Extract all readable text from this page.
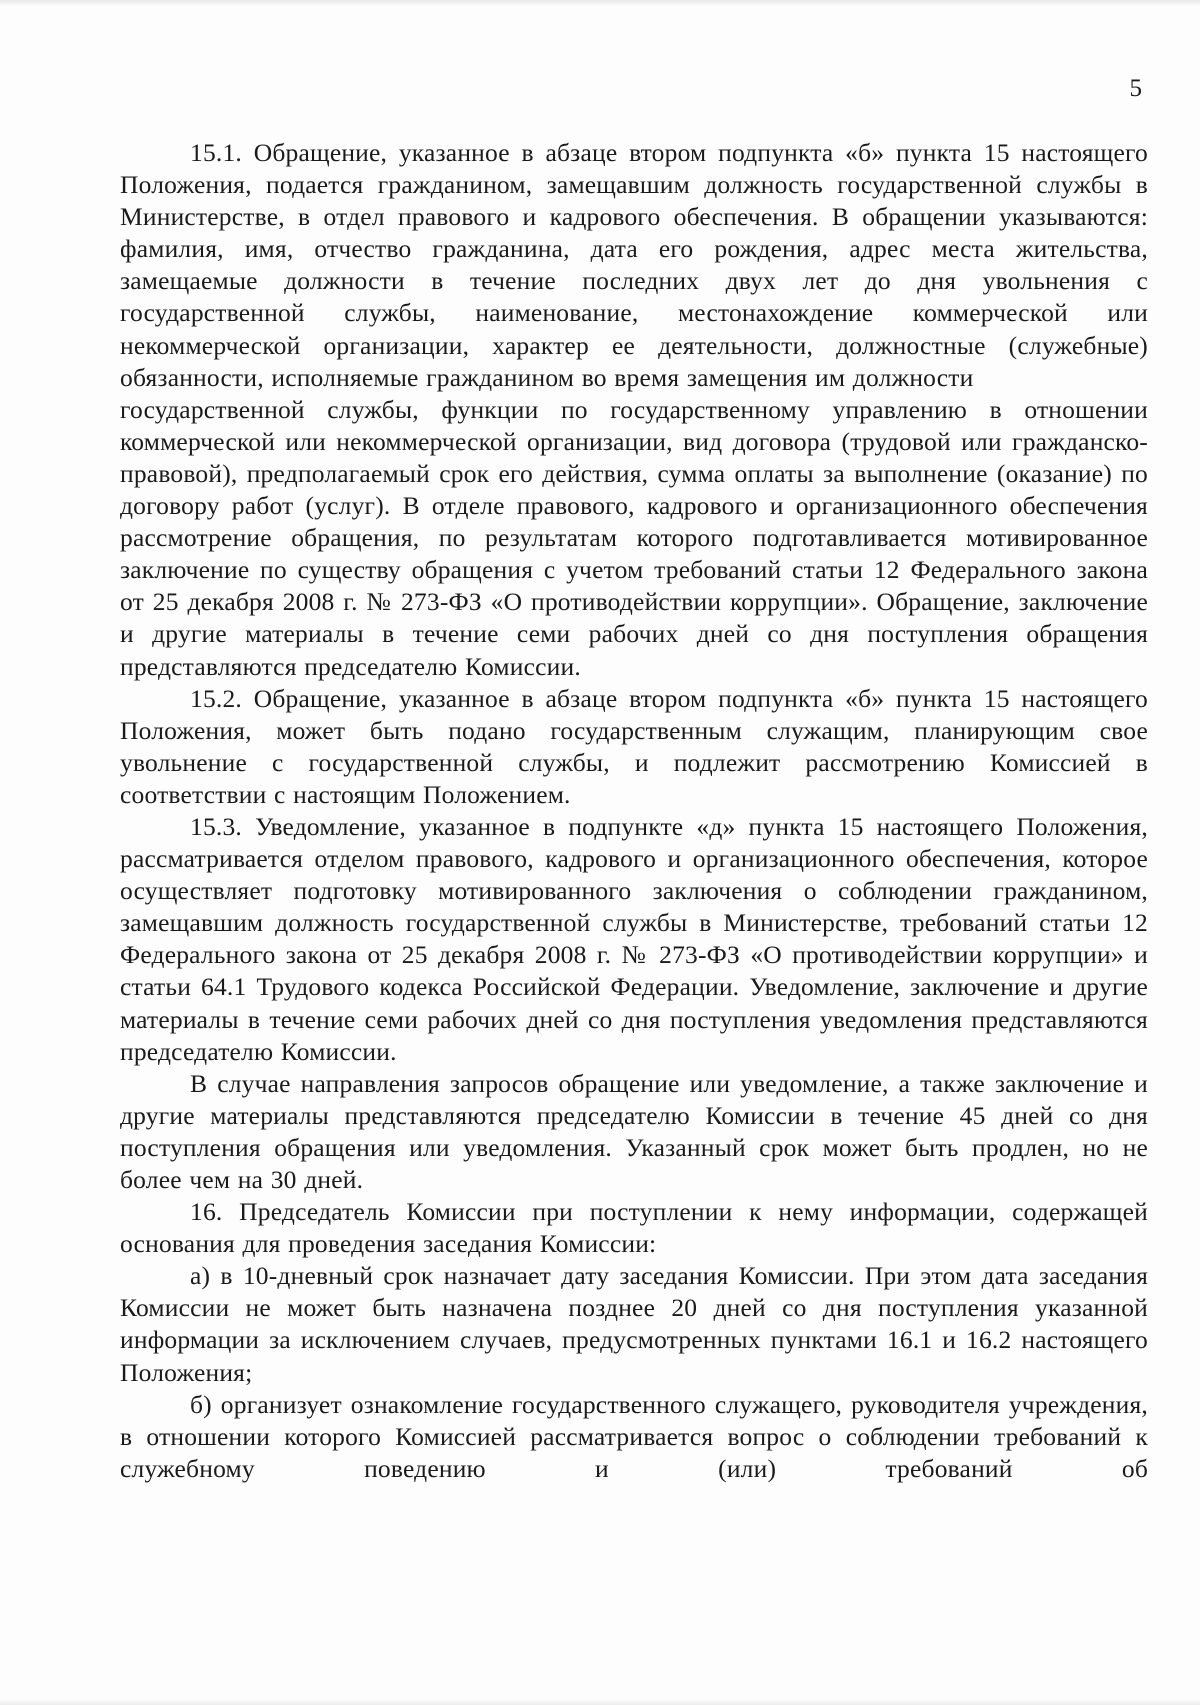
5

15.1. Обращение, указанное в абзаце втором подпункта «б» пункта 15 настоящего Положения, подается гражданином, замещавшим должность государственной службы в Министерстве, в отдел правового и кадрового обеспечения. В обращении указываются: фамилия, имя, отчество гражданина, дата его рождения, адрес места жительства, замещаемые должности в течение последних двух лет до дня увольнения с государственной службы, наименование, местонахождение коммерческой или некоммерческой организации, характер ее деятельности, должностные (служебные) обязанности, исполняемые гражданином во время замещения им должности

государственной службы, функции по государственному управлению в отношении коммерческой или некоммерческой организации, вид договора (трудовой или гражданско-правовой), предполагаемый срок его действия, сумма оплаты за выполнение (оказание) по договору работ (услуг). В отделе правового, кадрового и организационного обеспечения рассмотрение обращения, по результатам которого подготавливается мотивированное заключение по существу обращения с учетом требований статьи 12 Федерального закона от 25 декабря 2008 г. № 273-ФЗ «О противодействии коррупции». Обращение, заключение и другие материалы в течение семи рабочих дней со дня поступления обращения представляются председателю Комиссии.

15.2. Обращение, указанное в абзаце втором подпункта «б» пункта 15 настоящего Положения, может быть подано государственным служащим, планирующим свое увольнение с государственной службы, и подлежит рассмотрению Комиссией в соответствии с настоящим Положением.

15.3. Уведомление, указанное в подпункте «д» пункта 15 настоящего Положения, рассматривается отделом правового, кадрового и организационного обеспечения, которое осуществляет подготовку мотивированного заключения о соблюдении гражданином, замещавшим должность государственной службы в Министерстве, требований статьи 12 Федерального закона от 25 декабря 2008 г. № 273-ФЗ «О противодействии коррупции» и статьи 64.1 Трудового кодекса Российской Федерации. Уведомление, заключение и другие материалы в течение семи рабочих дней со дня поступления уведомления представляются председателю Комиссии.

В случае направления запросов обращение или уведомление, а также заключение и другие материалы представляются председателю Комиссии в течение 45 дней со дня поступления обращения или уведомления. Указанный срок может быть продлен, но не более чем на 30 дней.

16. Председатель Комиссии при поступлении к нему информации, содержащей основания для проведения заседания Комиссии:

а) в 10-дневный срок назначает дату заседания Комиссии. При этом дата заседания Комиссии не может быть назначена позднее 20 дней со дня поступления указанной информации за исключением случаев, предусмотренных пунктами 16.1 и 16.2 настоящего Положения;

б) организует ознакомление государственного служащего, руководителя учреждения, в отношении которого Комиссией рассматривается вопрос о соблюдении требований к служебному поведению и (или) требований об
